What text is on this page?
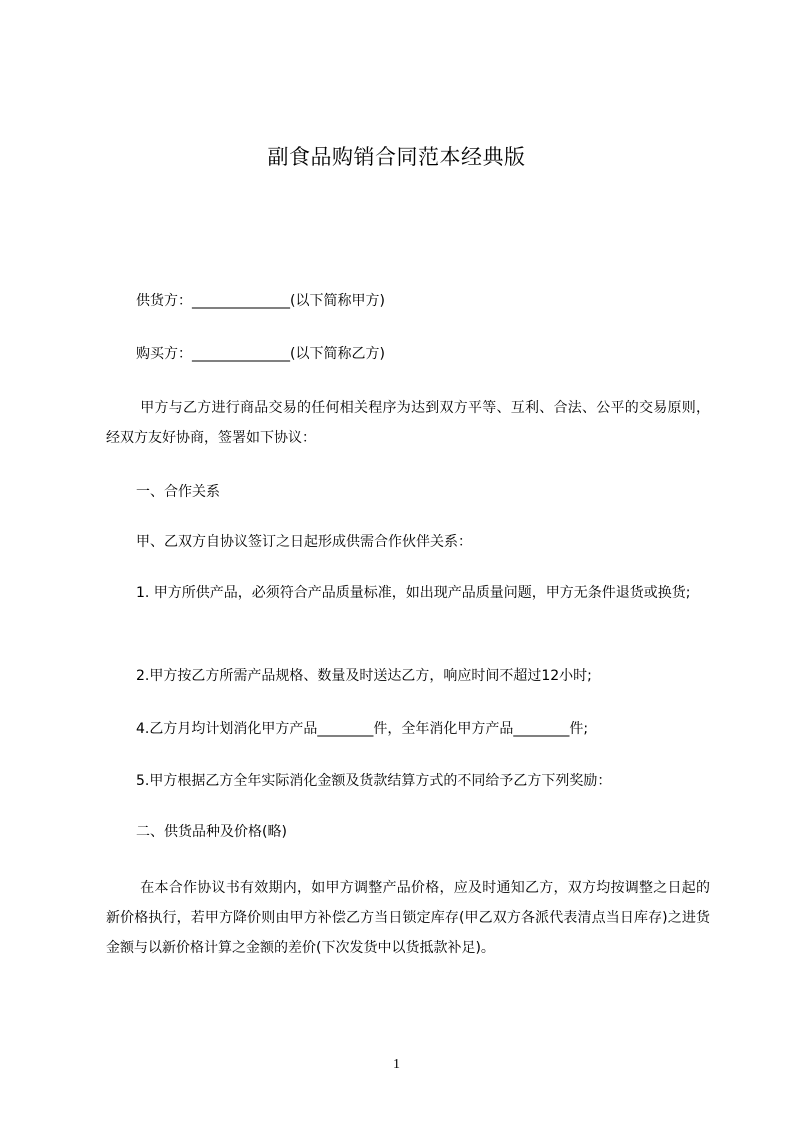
副食品购销合同范本经典版
供货方：______________(以下简称甲方)
购买方：______________(以下简称乙方)
甲方与乙方进行商品交易的任何相关程序为达到双方平等、互利、合法、公平的交易原则，经双方友好协商，签署如下协议：
一、合作关系
甲、乙双方自协议签订之日起形成供需合作伙伴关系：
1. 甲方所供产品，必须符合产品质量标准，如出现产品质量问题，甲方无条件退货或换货;
2.甲方按乙方所需产品规格、数量及时送达乙方，响应时间不超过12小时;
4.乙方月均计划消化甲方产品________件，全年消化甲方产品________件;
5.甲方根据乙方全年实际消化金额及货款结算方式的不同给予乙方下列奖励：
二、供货品种及价格(略)
在本合作协议书有效期内，如甲方调整产品价格，应及时通知乙方，双方均按调整之日起的新价格执行，若甲方降价则由甲方补偿乙方当日锁定库存(甲乙双方各派代表清点当日库存)之进货金额与以新价格计算之金额的差价(下次发货中以货抵款补足)。
1
